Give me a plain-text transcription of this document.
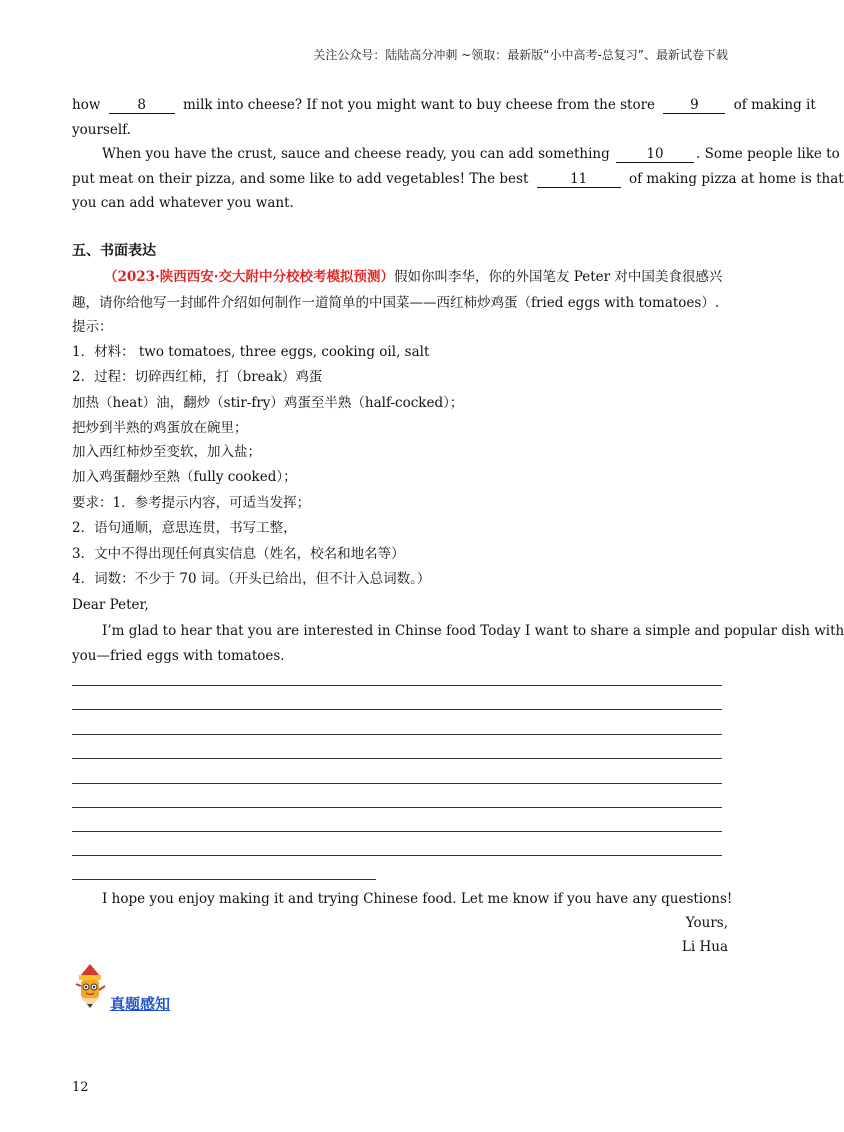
关注公众号：陆陆高分冲刺 ~领取：最新版“小中高考-总复习”、最新试卷下载
how	8	milk into cheese? If not you might want to buy cheese from the store	9	of making it
yourself.
When you have the crust, sauce and cheese ready, you can add something	10 . Some people like to
put meat on their pizza, and some like to add vegetables! The best	11	of making pizza at home is that
you can add whatever you want.
五、书面表达
（2023·陕西西安·交大附中分校校考模拟预测）假如你叫李华，你的外国笔友 Peter 对中国美食很感兴
趣，请你给他写一封邮件介绍如何制作一道简单的中国菜——西红柿炒鸡蛋（fried eggs with tomatoes）.
提示：
1．材料： two tomatoes, three eggs, cooking oil, salt
2．过程：切碎西红柿，打（break）鸡蛋
加热（heat）油，翻炒（stir-fry）鸡蛋至半熟（half-cocked）；
把炒到半熟的鸡蛋放在碗里；
加入西红柿炒至变软，加入盐；
加入鸡蛋翻炒至熟（fully cooked）；
要求：1．参考提示内容，可适当发挥；
2．语句通顺，意思连贯，书写工整，
3．文中不得出现任何真实信息（姓名，校名和地名等）
4．词数：不少于 70 词。（开头已给出，但不计入总词数。）
Dear Peter,
I’m glad to hear that you are interested in Chinse food Today I want to share a simple and popular dish with
you—fried eggs with tomatoes.
I hope you enjoy making it and trying Chinese food. Let me know if you have any questions!
Yours,
Li Hua
真题感知
12
